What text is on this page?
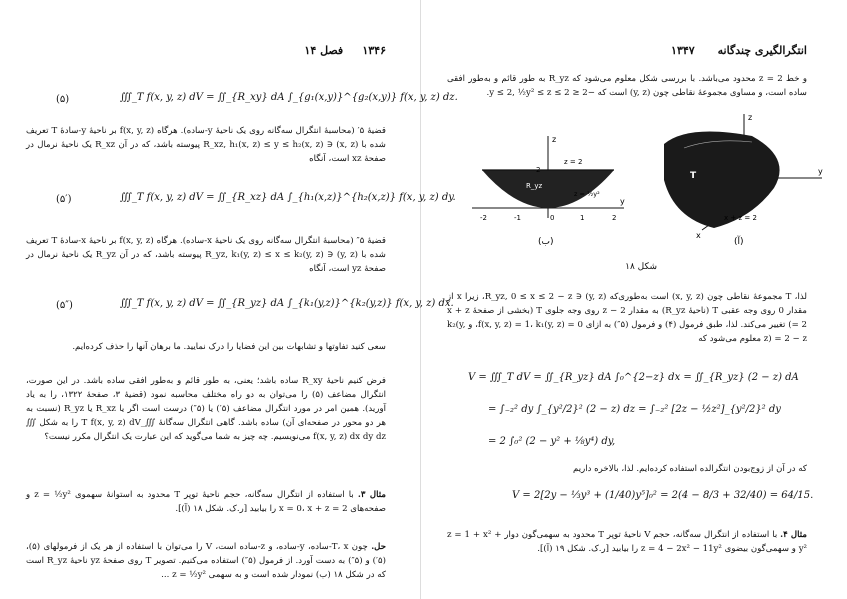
۱۳۴۶     فصل ۱۴
∭_T f(x, y, z) dV = ∬_{R_xy} dA ∫_{g₁(x,y)}^{g₂(x,y)} f(x, y, z) dz.
(۵)
قضیهٔ ۵′ (محاسبهٔ انتگرال سه‌گانه روی یک ناحیهٔ y-ساده). هرگاه f(x, y, z) بر ناحیهٔ y-سادهٔ T تعریف شده با (x, z) ∈ R_xz, h₁(x, z) ≤ y ≤ h₂(x, z) پیوسته باشد، که در آن R_xz یک ناحیهٔ نرمال در صفحهٔ xz است، آنگاه
∭_T f(x, y, z) dV = ∬_{R_xz} dA ∫_{h₁(x,z)}^{h₂(x,z)} f(x, y, z) dy.
(۵′)
قضیهٔ ۵″ (محاسبهٔ انتگرال سه‌گانه روی یک ناحیهٔ x-ساده). هرگاه f(x, y, z) بر ناحیهٔ x-سادهٔ T تعریف شده با (y, z) ∈ R_yz, k₁(y, z) ≤ x ≤ k₂(y, z) پیوسته باشد، که در آن R_yz یک ناحیهٔ نرمال در صفحهٔ yz است، آنگاه
∭_T f(x, y, z) dV = ∬_{R_yz} dA ∫_{k₁(y,z)}^{k₂(y,z)} f(x, y, z) dx.
(۵″)
سعی کنید تفاوتها و تشابهات بین این فضایا را درک نمایید. ما برهان آنها را حذف کرده‌ایم.
فرض کنیم ناحیهٔ R_xy ساده باشد؛ یعنی، به طور قائم و به‌طور افقی ساده باشد. در این صورت، انتگرال مضاعف (۵) را می‌توان به دو راه مختلف محاسبه نمود (قضیهٔ ۳، صفحهٔ ۱۳۲۲، را به یاد آورید). همین امر در مورد انتگرال مضاعف (۵′) یا (۵″) درست است اگر یا R_xz یا R_yz (نسبت به هر دو محور در صفحه‌ای آن) ساده باشد. گاهی انتگرال سه‌گانهٔ ∭_T f(x, y, z) dV را به شکل ∭ f(x, y, z) dx dy dz می‌نویسیم. چه چیز به شما می‌گوید که این عبارت یک انتگرال مکرر نیست؟
مثال ۳. با استفاده از انتگرال سه‌گانه، حجم ناحیهٔ توپر T محدود به استوانهٔ سهموی z = ½y² و صفحه‌های x = 0، x + z = 2 را بیابید [ر.ک. شکل ۱۸ (آ)].
حل. چون T، x-ساده، y-ساده، و z-ساده است، V را می‌توان با استفاده از هر یک از فرمولهای (۵)، (۵′) و (۵″) به دست آورد. از فرمول (۵″) استفاده می‌کنیم. تصویر T روی صفحهٔ yz ناحیهٔ R_yz است که در شکل ۱۸ (ب) نمودار شده است و به سهمی z = ½y² ...
انتگرالگیری چندگانه      ۱۳۴۷
و خط z = 2 محدود می‌باشد. با بررسی شکل معلوم می‌شود که R_yz به طور قائم و به‌طور افقی ساده است، و مساوی مجموعهٔ نقاطی چون (y, z) است که −2 ≤ y ≤ 2, ½y² ≤ z ≤ 2.
z
y
z = 2
z = ½y²
R_yz
-2	-1	0	1	2
2
(ب)
z
y
x
T
x + z = 2
(آ)
شکل ۱۸
لذا، T مجموعهٔ نقاطی چون (x, y, z) است به‌طوری‌که (y, z) ∈ R_yz, 0 ≤ x ≤ 2 − z، زیرا x از مقدار 0 روی وجه عقبی T (ناحیهٔ R_yz) به مقدار 2 − z روی وجه جلوی T (بخشی از صفحهٔ x + z = 2) تغییر می‌کند. لذا، طبق فرمول (۴) و فرمول (۵″) به ازای f(x, y, z) = 1، k₁(y, z) = 0، و k₂(y, z) = 2 − z معلوم می‌شود که
V = ∭_T dV = ∬_{R_yz} dA ∫₀^{2−z} dx = ∬_{R_yz} (2 − z) dA
= ∫₋₂² dy ∫_{y²/2}² (2 − z) dz = ∫₋₂² [2z − ½z²]_{y²/2}² dy
= 2 ∫₀² (2 − y² + ⅛y⁴) dy,
که در آن از زوج‌بودن انتگرالده استفاده کرده‌ایم. لذا، بالاخره داریم
V = 2[2y − ⅓y³ + (1/40)y⁵]₀² = 2(4 − 8/3 + 32/40) = 64/15.
مثال ۴. با استفاده از انتگرال سه‌گانه، حجم V ناحیهٔ توپر T محدود به سهمی‌گون دوار z = 1 + x² + y² و سهمی‌گون بیضوی z = 4 − 2x² − 11y² را بیابید [ر.ک. شکل ۱۹ (آ)].
